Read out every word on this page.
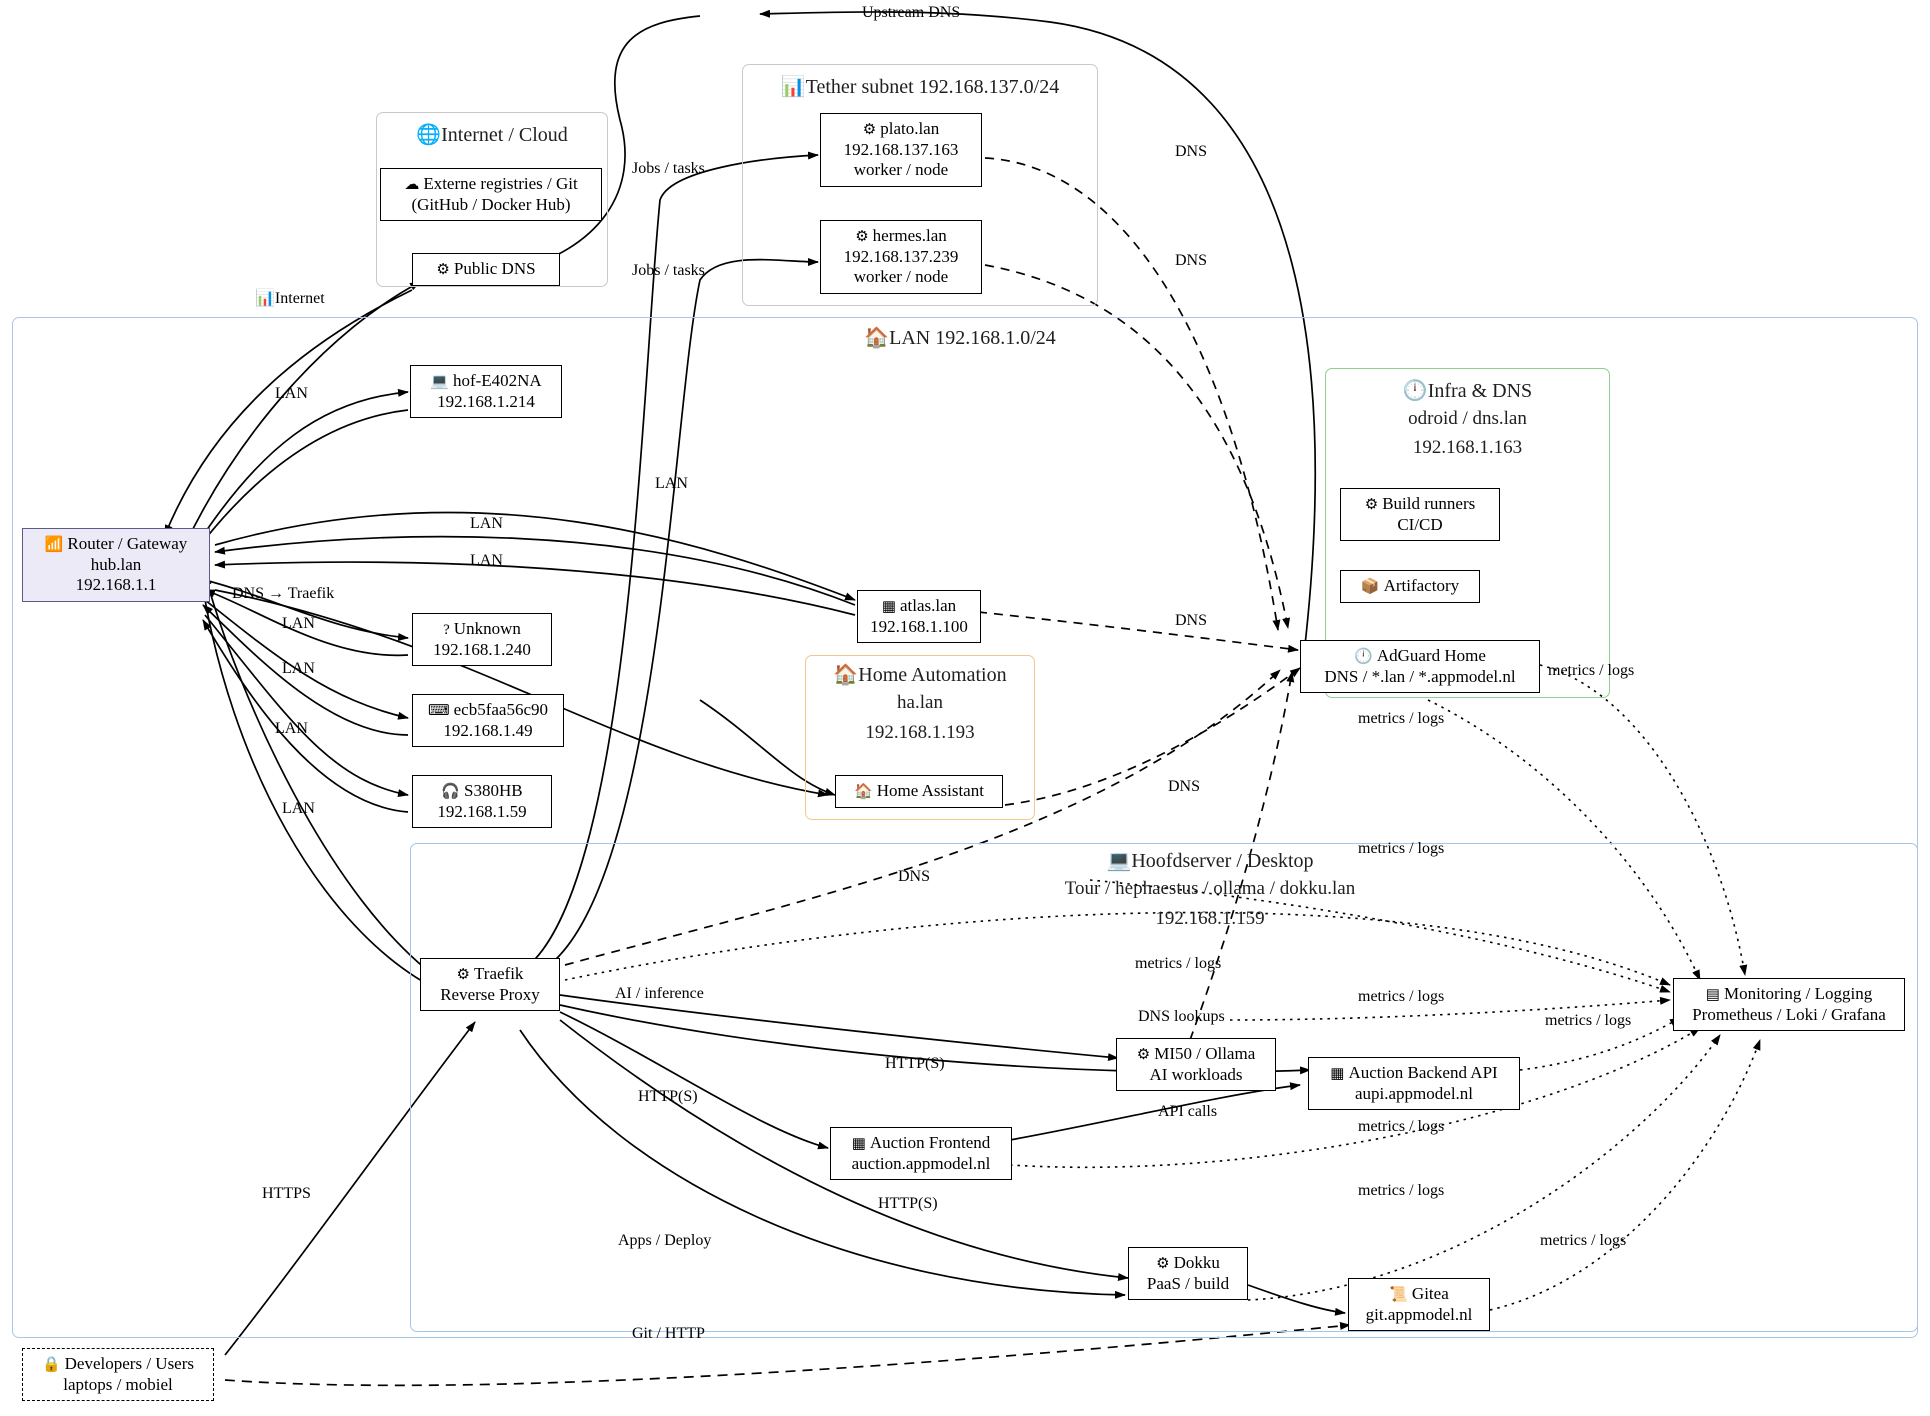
🌐Internet / Cloud
📊Tether subnet 192.168.137.0/24
🏠LAN 192.168.1.0/24
🕛Infra & DNS
odroid / dns.lan
192.168.1.163
🏠Home Automation
ha.lan
192.168.1.193
💻Hoofdserver / Desktop
Tour / hephaestus / ollama / dokku.lan
192.168.1.159
☁ Externe registries / Git
(GitHub / Docker Hub)
⚙ Public DNS
⚙ plato.lan
192.168.137.163
worker / node
⚙ hermes.lan
192.168.137.239
worker / node
📶 Router / Gateway
hub.lan
192.168.1.1
💻 hof-E402NA
192.168.1.214
? Unknown
192.168.1.240
⌨ ecb5faa56c90
192.168.1.49
🎧 S380HB
192.168.1.59
▦ atlas.lan
192.168.1.100
⚙ Build runners
CI/CD
📦 Artifactory
🕛 AdGuard Home
DNS / *.lan / *.appmodel.nl
🏠 Home Assistant
⚙ Traefik
Reverse Proxy
⚙ MI50 / Ollama
AI workloads	▦ Auction Backend API
aupi.appmodel.nl
▦ Auction Frontend
auction.appmodel.nl
⚙ Dokku
PaaS / build
📜 Gitea
git.appmodel.nl
▤ Monitoring / Logging
Prometheus / Loki / Grafana
🔒 Developers / Users
laptops / mobiel
Upstream DNS
📊Internet
Jobs / tasks
Jobs / tasks
DNS
DNS
LAN
LAN
LAN
LAN
DNS → Traefik
LAN
LAN
LAN
LAN
DNS
DNS
DNS
DNS lookups
AI / inference
HTTP(S)
HTTP(S)
API calls
HTTP(S)
Apps / Deploy
HTTPS
Git / HTTP
metrics / logs
metrics / logs
metrics / logs
metrics / logs
metrics / logs
metrics / logs
metrics / logs
metrics / logs
metrics / logs
